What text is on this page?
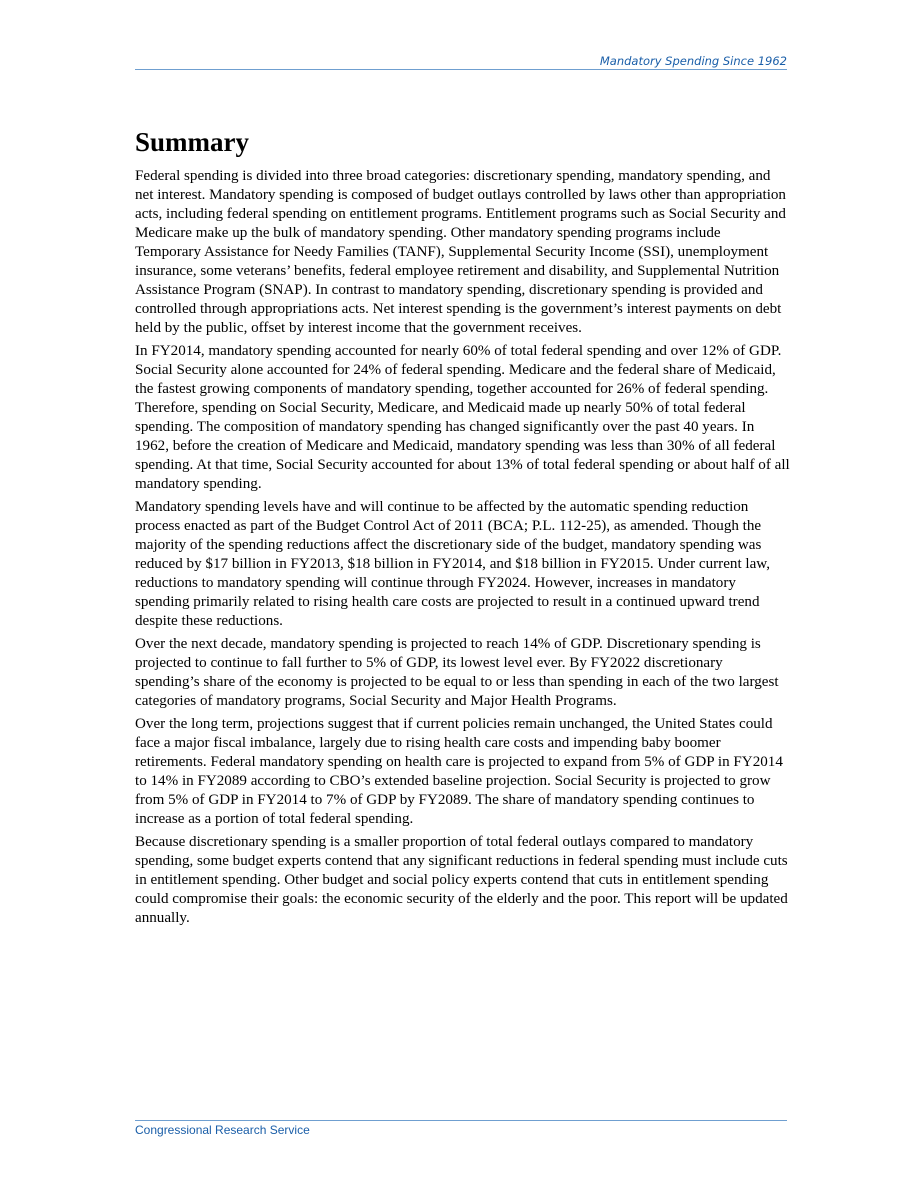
Mandatory Spending Since 1962
Summary

Federal spending is divided into three broad categories: discretionary spending, mandatory spending, and net interest. Mandatory spending is composed of budget outlays controlled by laws other than appropriation acts, including federal spending on entitlement programs. Entitlement programs such as Social Security and Medicare make up the bulk of mandatory spending. Other mandatory spending programs include Temporary Assistance for Needy Families (TANF), Supplemental Security Income (SSI), unemployment insurance, some veterans’ benefits, federal employee retirement and disability, and Supplemental Nutrition Assistance Program (SNAP). In contrast to mandatory spending, discretionary spending is provided and controlled through appropriations acts. Net interest spending is the government’s interest payments on debt held by the public, offset by interest income that the government receives.

In FY2014, mandatory spending accounted for nearly 60% of total federal spending and over 12% of GDP. Social Security alone accounted for 24% of federal spending. Medicare and the federal share of Medicaid, the fastest growing components of mandatory spending, together accounted for 26% of federal spending. Therefore, spending on Social Security, Medicare, and Medicaid made up nearly 50% of total federal spending. The composition of mandatory spending has changed significantly over the past 40 years. In 1962, before the creation of Medicare and Medicaid, mandatory spending was less than 30% of all federal spending. At that time, Social Security accounted for about 13% of total federal spending or about half of all mandatory spending.

Mandatory spending levels have and will continue to be affected by the automatic spending reduction process enacted as part of the Budget Control Act of 2011 (BCA; P.L. 112-25), as amended. Though the majority of the spending reductions affect the discretionary side of the budget, mandatory spending was reduced by $17 billion in FY2013, $18 billion in FY2014, and $18 billion in FY2015. Under current law, reductions to mandatory spending will continue through FY2024. However, increases in mandatory spending primarily related to rising health care costs are projected to result in a continued upward trend despite these reductions.

Over the next decade, mandatory spending is projected to reach 14% of GDP. Discretionary spending is projected to continue to fall further to 5% of GDP, its lowest level ever. By FY2022 discretionary spending’s share of the economy is projected to be equal to or less than spending in each of the two largest categories of mandatory programs, Social Security and Major Health Programs.

Over the long term, projections suggest that if current policies remain unchanged, the United States could face a major fiscal imbalance, largely due to rising health care costs and impending baby boomer retirements. Federal mandatory spending on health care is projected to expand from 5% of GDP in FY2014 to 14% in FY2089 according to CBO’s extended baseline projection. Social Security is projected to grow from 5% of GDP in FY2014 to 7% of GDP by FY2089. The share of mandatory spending continues to increase as a portion of total federal spending.

Because discretionary spending is a smaller proportion of total federal outlays compared to mandatory spending, some budget experts contend that any significant reductions in federal spending must include cuts in entitlement spending. Other budget and social policy experts contend that cuts in entitlement spending could compromise their goals: the economic security of the elderly and the poor. This report will be updated annually.

Congressional Research Service
